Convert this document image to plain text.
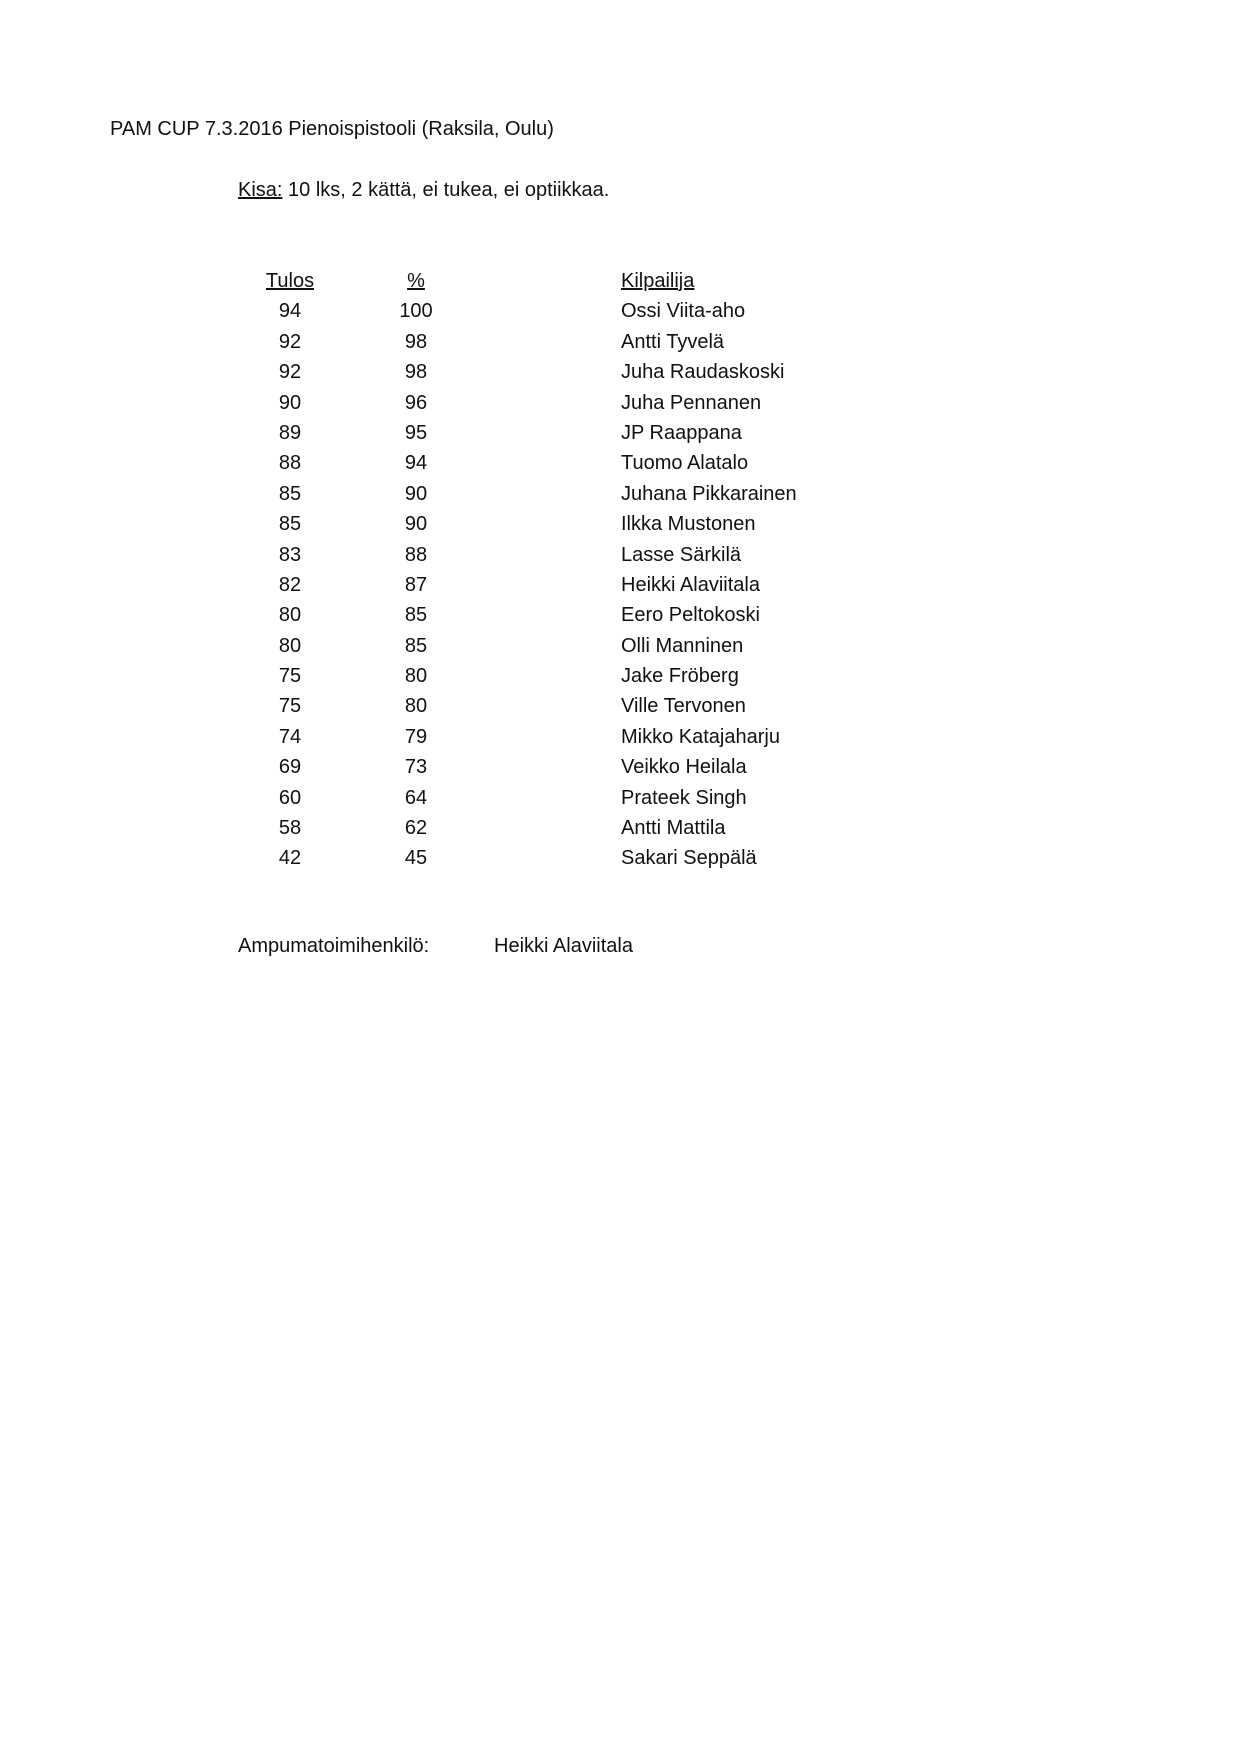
PAM CUP 7.3.2016 Pienoispistooli (Raksila, Oulu)
Kisa: 10 lks, 2 kättä, ei tukea, ei optiikkaa.
Tulos	%	Kilpailija
94	100	Ossi Viita-aho
92	98	Antti Tyvelä
92	98	Juha Raudaskoski
90	96	Juha Pennanen
89	95	JP Raappana
88	94	Tuomo Alatalo
85	90	Juhana Pikkarainen
85	90	Ilkka Mustonen
83	88	Lasse Särkilä
82	87	Heikki Alaviitala
80	85	Eero Peltokoski
80	85	Olli Manninen
75	80	Jake Fröberg
75	80	Ville Tervonen
74	79	Mikko Katajaharju
69	73	Veikko Heilala
60	64	Prateek Singh
58	62	Antti Mattila
42	45	Sakari Seppälä
Ampumatoimihenkilö:	Heikki Alaviitala
